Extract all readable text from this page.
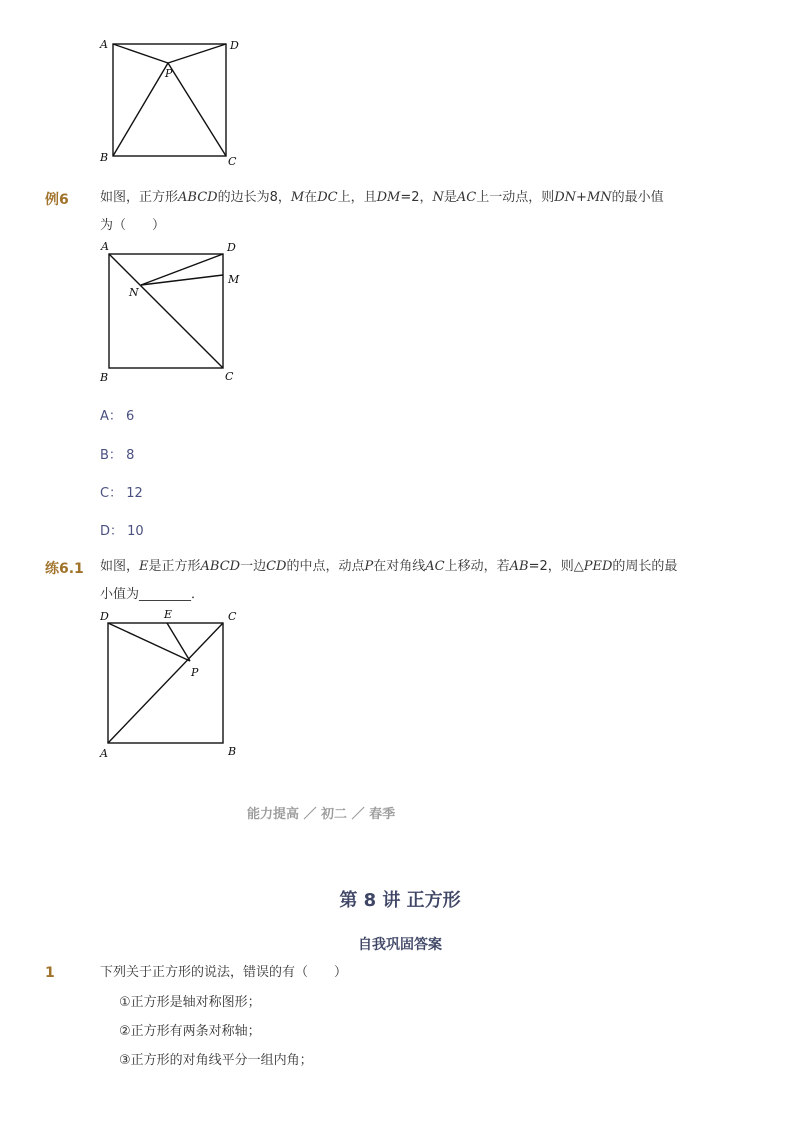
A	D
P
B	C
例6 如图，正方形ABCD的边长为8，M在DC上，且DM=2，N是AC上一动点，则DN+MN的最小值
为（　　）
A	D
M
N
B	C
A： 6
B： 8
C： 12
D： 10
练6.1 如图，E是正方形ABCD一边CD的中点，动点P在对角线AC上移动，若AB=2，则△PED的周长的最
小值为________．
D	E	C
P
A	B
能力提高 ／ 初二 ／ 春季
第 8 讲 正方形
自我巩固答案
1	下列关于正方形的说法，错误的有（　　）
①正方形是轴对称图形；
②正方形有两条对称轴；
③正方形的对角线平分一组内角；
